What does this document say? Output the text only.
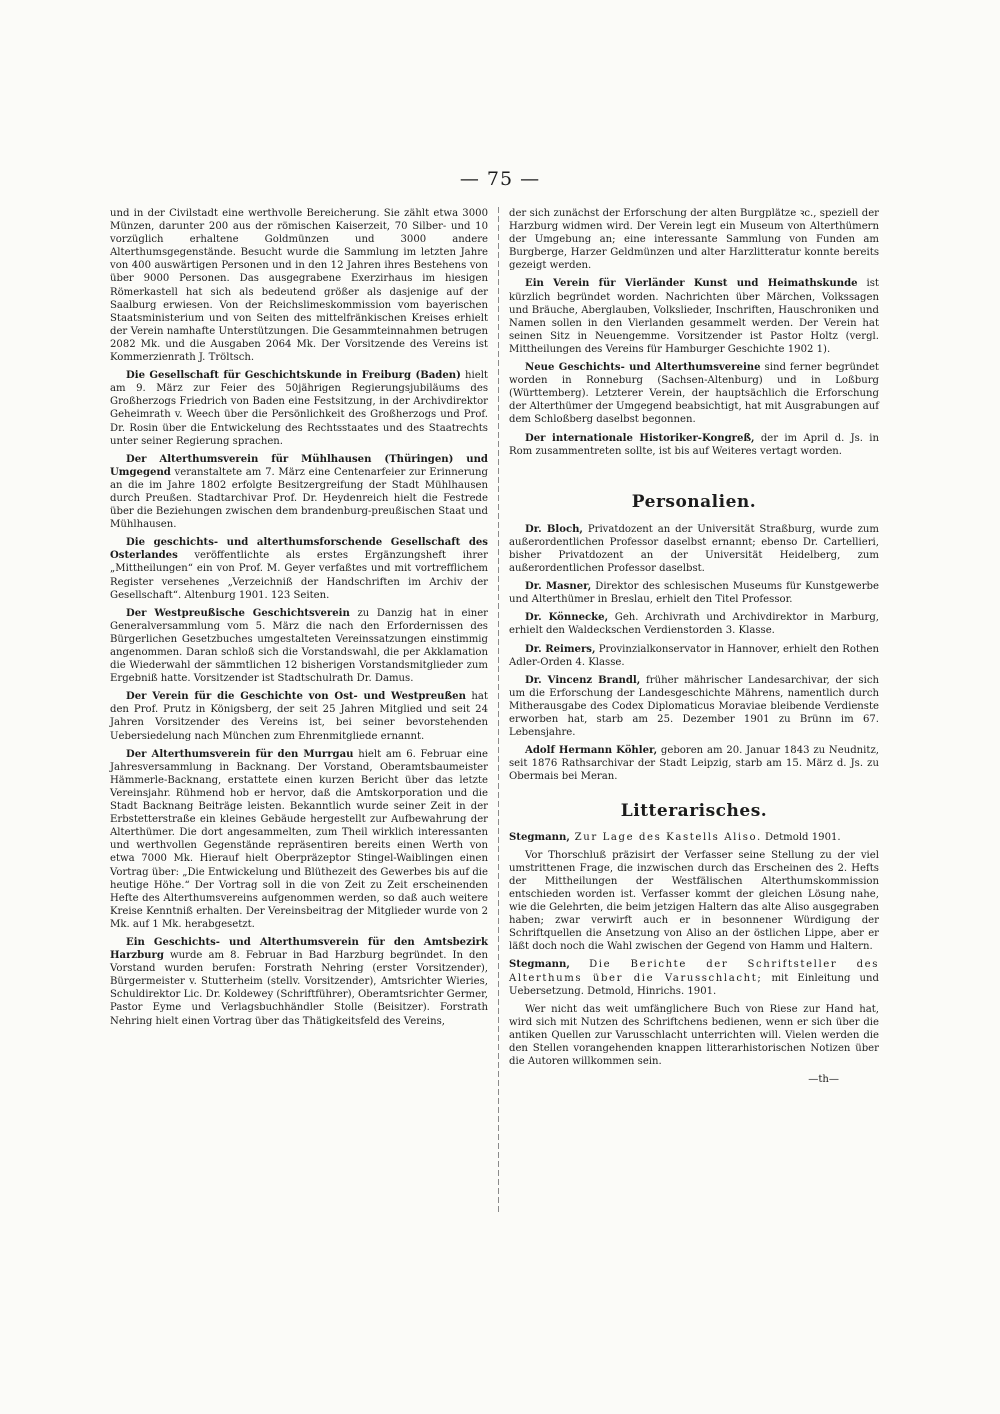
— 75 —

und in der Civilstadt eine werthvolle Bereicherung. Sie zählt etwa 3000 Münzen, darunter 200 aus der römischen Kaiserzeit, 70 Silber- und 10 vorzüglich erhaltene Goldmünzen und 3000 andere Alterthumsgegenstände. Besucht wurde die Sammlung im letzten Jahre von 400 auswärtigen Personen und in den 12 Jahren ihres Bestehens von über 9000 Personen. Das ausgegrabene Exerzirhaus im hiesigen Römerkastell hat sich als bedeutend größer als dasjenige auf der Saalburg erwiesen. Von der Reichslimeskommission vom bayerischen Staatsministerium und von Seiten des mittelfränkischen Kreises erhielt der Verein namhafte Unterstützungen. Die Gesammteinnahmen betrugen 2082 Mk. und die Ausgaben 2064 Mk. Der Vorsitzende des Vereins ist Kommerzienrath J. Tröltsch.

Die Gesellschaft für Geschichtskunde in Freiburg (Baden) hielt am 9. März zur Feier des 50jährigen Regierungsjubiläums des Großherzogs Friedrich von Baden eine Festsitzung, in der Archivdirektor Geheimrath v. Weech über die Persönlichkeit des Großherzogs und Prof. Dr. Rosin über die Entwickelung des Rechtsstaates und des Staatrechts unter seiner Regierung sprachen.

Der Alterthumsverein für Mühlhausen (Thüringen) und Umgegend veranstaltete am 7. März eine Centenarfeier zur Erinnerung an die im Jahre 1802 erfolgte Besitzergreifung der Stadt Mühlhausen durch Preußen. Stadtarchivar Prof. Dr. Heydenreich hielt die Festrede über die Beziehungen zwischen dem brandenburg-preußischen Staat und Mühlhausen.

Die geschichts- und alterthumsforschende Gesellschaft des Osterlandes veröffentlichte als erstes Ergänzungsheft ihrer „Mittheilungen“ ein von Prof. M. Geyer verfaßtes und mit vortrefflichem Register versehenes „Verzeichniß der Handschriften im Archiv der Gesellschaft“. Altenburg 1901. 123 Seiten.

Der Westpreußische Geschichtsverein zu Danzig hat in einer Generalversammlung vom 5. März die nach den Erfordernissen des Bürgerlichen Gesetzbuches umgestalteten Vereinssatzungen einstimmig angenommen. Daran schloß sich die Vorstandswahl, die per Akklamation die Wiederwahl der sämmtlichen 12 bisherigen Vorstandsmitglieder zum Ergebniß hatte. Vorsitzender ist Stadtschulrath Dr. Damus.

Der Verein für die Geschichte von Ost- und Westpreußen hat den Prof. Prutz in Königsberg, der seit 25 Jahren Mitglied und seit 24 Jahren Vorsitzender des Vereins ist, bei seiner bevorstehenden Uebersiedelung nach München zum Ehrenmitgliede ernannt.

Der Alterthumsverein für den Murrgau hielt am 6. Februar eine Jahresversammlung in Backnang. Der Vorstand, Oberamtsbaumeister Hämmerle-Backnang, erstattete einen kurzen Bericht über das letzte Vereinsjahr. Rühmend hob er hervor, daß die Amtskorporation und die Stadt Backnang Beiträge leisten. Bekanntlich wurde seiner Zeit in der Erbstetterstraße ein kleines Gebäude hergestellt zur Aufbewahrung der Alterthümer. Die dort angesammelten, zum Theil wirklich interessanten und werthvollen Gegenstände repräsentiren bereits einen Werth von etwa 7000 Mk. Hierauf hielt Oberpräzeptor Stingel-Waiblingen einen Vortrag über: „Die Entwickelung und Blüthezeit des Gewerbes bis auf die heutige Höhe.“ Der Vortrag soll in die von Zeit zu Zeit erscheinenden Hefte des Alterthumsvereins aufgenommen werden, so daß auch weitere Kreise Kenntniß erhalten. Der Vereinsbeitrag der Mitglieder wurde von 2 Mk. auf 1 Mk. herabgesetzt.

Ein Geschichts- und Alterthumsverein für den Amtsbezirk Harzburg wurde am 8. Februar in Bad Harzburg begründet. In den Vorstand wurden berufen: Forstrath Nehring (erster Vorsitzender), Bürgermeister v. Stutterheim (stellv. Vorsitzender), Amtsrichter Wieries, Schuldirektor Lic. Dr. Koldewey (Schriftführer), Oberamtsrichter Germer, Pastor Eyme und Verlagsbuchhändler Stolle (Beisitzer). Forstrath Nehring hielt einen Vortrag über das Thätigkeitsfeld des Vereins,

der sich zunächst der Erforschung der alten Burgplätze ꝛc., speziell der Harzburg widmen wird. Der Verein legt ein Museum von Alterthümern der Umgebung an; eine interessante Sammlung von Funden am Burgberge, Harzer Geldmünzen und alter Harzlitteratur konnte bereits gezeigt werden.

Ein Verein für Vierländer Kunst und Heimathskunde ist kürzlich begründet worden. Nachrichten über Märchen, Volkssagen und Bräuche, Aberglauben, Volkslieder, Inschriften, Hauschroniken und Namen sollen in den Vierlanden gesammelt werden. Der Verein hat seinen Sitz in Neuengemme. Vorsitzender ist Pastor Holtz (vergl. Mittheilungen des Vereins für Hamburger Geschichte 1902 1).

Neue Geschichts- und Alterthumsvereine sind ferner begründet worden in Ronneburg (Sachsen-Altenburg) und in Loßburg (Württemberg). Letzterer Verein, der hauptsächlich die Erforschung der Alterthümer der Umgegend beabsichtigt, hat mit Ausgrabungen auf dem Schloßberg daselbst begonnen.

Der internationale Historiker-Kongreß, der im April d. Js. in Rom zusammentreten sollte, ist bis auf Weiteres vertagt worden.

Personalien.

Dr. Bloch, Privatdozent an der Universität Straßburg, wurde zum außerordentlichen Professor daselbst ernannt; ebenso Dr. Cartellieri, bisher Privatdozent an der Universität Heidelberg, zum außerordentlichen Professor daselbst.

Dr. Masner, Direktor des schlesischen Museums für Kunstgewerbe und Alterthümer in Breslau, erhielt den Titel Professor.

Dr. Könnecke, Geh. Archivrath und Archivdirektor in Marburg, erhielt den Waldeckschen Verdienstorden 3. Klasse.

Dr. Reimers, Provinzialkonservator in Hannover, erhielt den Rothen Adler-Orden 4. Klasse.

Dr. Vincenz Brandl, früher mährischer Landesarchivar, der sich um die Erforschung der Landesgeschichte Mährens, namentlich durch Mitherausgabe des Codex Diplomaticus Moraviae bleibende Verdienste erworben hat, starb am 25. Dezember 1901 zu Brünn im 67. Lebensjahre.

Adolf Hermann Köhler, geboren am 20. Januar 1843 zu Neudnitz, seit 1876 Rathsarchivar der Stadt Leipzig, starb am 15. März d. Js. zu Obermais bei Meran.

Litterarisches.

Stegmann, Zur Lage des Kastells Aliso. Detmold 1901.

Vor Thorschluß präzisirt der Verfasser seine Stellung zu der viel umstrittenen Frage, die inzwischen durch das Erscheinen des 2. Hefts der Mittheilungen der Westfälischen Alterthumskommission entschieden worden ist. Verfasser kommt der gleichen Lösung nahe, wie die Gelehrten, die beim jetzigen Haltern das alte Aliso ausgegraben haben; zwar verwirft auch er in besonnener Würdigung der Schriftquellen die Ansetzung von Aliso an der östlichen Lippe, aber er läßt doch noch die Wahl zwischen der Gegend von Hamm und Haltern.

Stegmann, Die Berichte der Schriftsteller des Alterthums über die Varusschlacht; mit Einleitung und Uebersetzung. Detmold, Hinrichs. 1901.

Wer nicht das weit umfänglichere Buch von Riese zur Hand hat, wird sich mit Nutzen des Schriftchens bedienen, wenn er sich über die antiken Quellen zur Varusschlacht unterrichten will. Vielen werden die den Stellen vorangehenden knappen litterarhistorischen Notizen über die Autoren willkommen sein.

—th—
